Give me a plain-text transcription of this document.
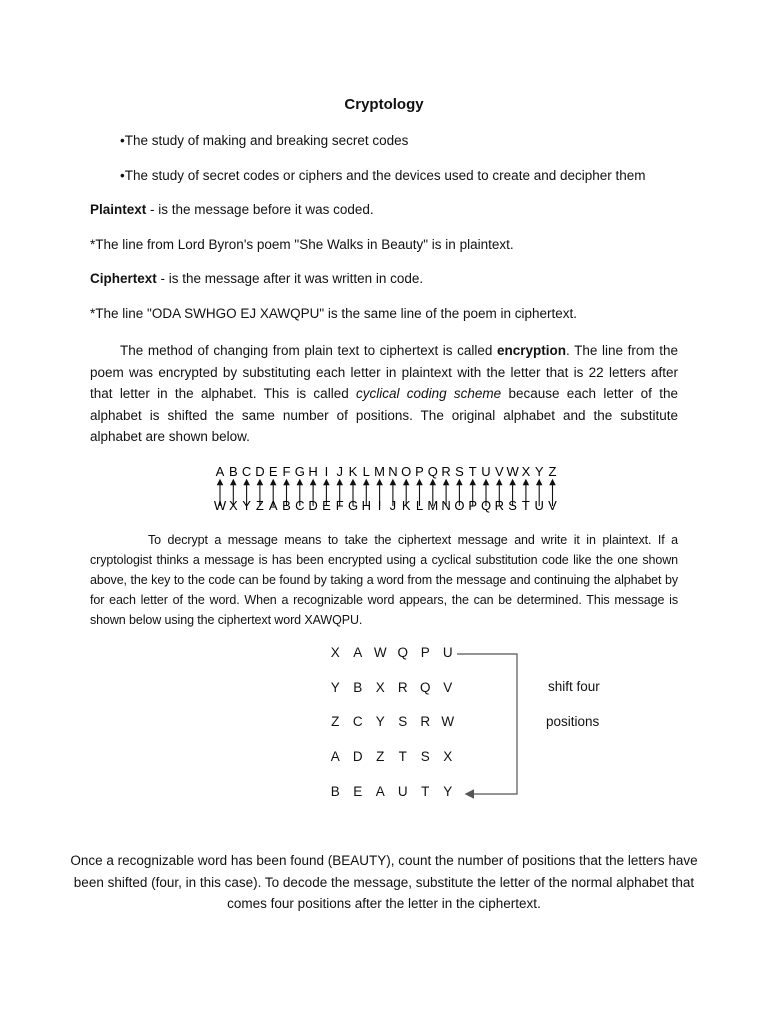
Cryptology
•The study of making and breaking secret codes
•The study of secret codes or ciphers and the devices used to create and decipher them
Plaintext - is the message before it was coded.
*The line from Lord Byron's poem "She Walks in Beauty" is in plaintext.
Ciphertext - is the message after it was written in code.
*The line "ODA SWHGO EJ XAWQPU" is the same line of the poem in ciphertext.
The method of changing from plain text to ciphertext is called encryption. The line from the poem was encrypted by substituting each letter in plaintext with the letter that is 22 letters after that letter in the alphabet. This is called cyclical coding scheme because each letter of the alphabet is shifted the same number of positions. The original alphabet and the substitute alphabet are shown below.
A B C D E F G H I J K L M N O P Q R S T U V W X Y Z
W X Y Z A B C D E F G H I J K L M N O P Q R S T U V
To decrypt a message means to take the ciphertext message and write it in plaintext. If a cryptologist thinks a message is has been encrypted using a cyclical substitution code like the one shown above, the key to the code can be found by taking a word from the message and continuing the alphabet by for each letter of the word. When a recognizable word appears, the can be determined. This message is shown below using the ciphertext word XAWQPU.
X A W Q P U
Y B X R Q V
Z C Y S R W
A D Z T S X
B E A U T Y
shift four
positions
Once a recognizable word has been found (BEAUTY), count the number of positions that the letters have been shifted (four, in this case). To decode the message, substitute the letter of the normal alphabet that comes four positions after the letter in the ciphertext.
